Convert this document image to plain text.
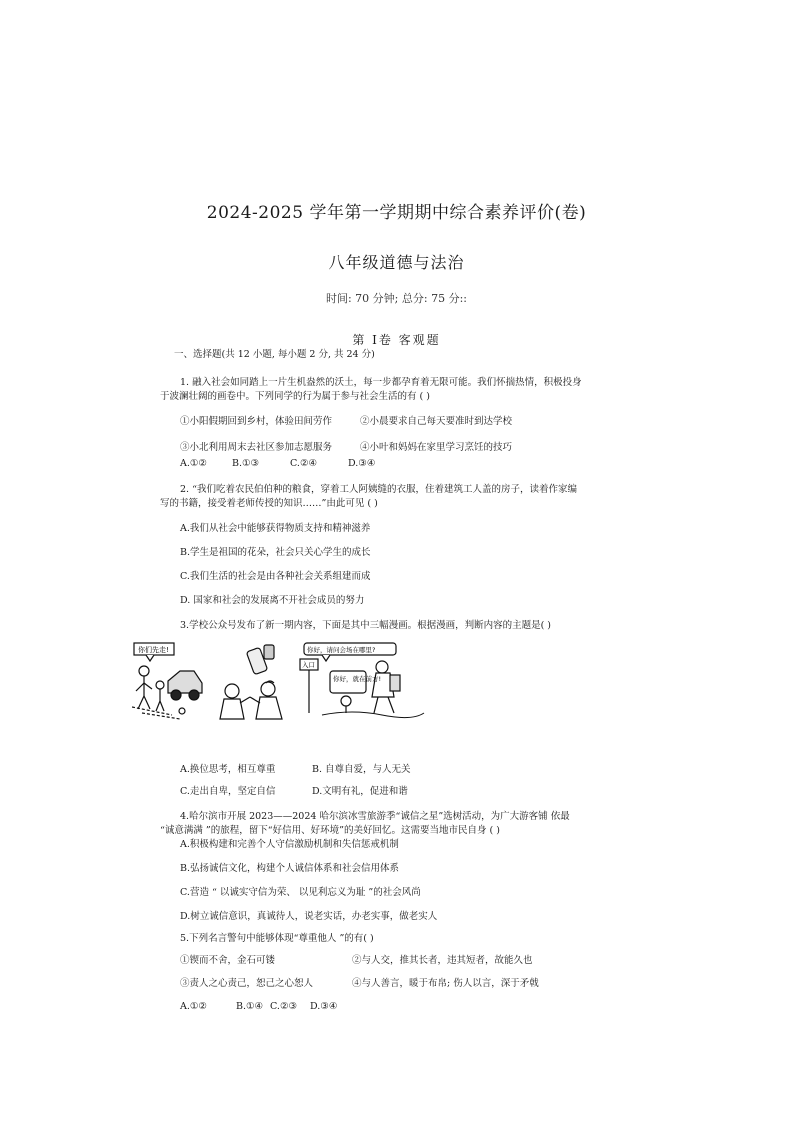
2024-2025 学年第一学期期中综合素养评价(卷)
八年级道德与法治
时间: 70 分钟; 总分: 75 分::
第 Ⅰ卷 客观题

一、选择题(共 12 小题, 每小题 2 分, 共 24 分)

1. 融入社会如同踏上一片生机盎然的沃土，每一步都孕育着无限可能。我们怀揣热情，积极投身

于波澜壮阔的画卷中。下列同学的行为属于参与社会生活的有 ( )

①小阳假期回到乡村，体验田间劳作	②小晨要求自己每天要准时到达学校

③小北利用周末去社区参加志愿服务	④小叶和妈妈在家里学习烹饪的技巧

A.①②	B.①③	C.②④	D.③④

2. “我们吃着农民伯伯种的粮食，穿着工人阿姨缝的衣服，住着建筑工人盖的房子，读着作家编

写的书籍，接受着老师传授的知识……”由此可见 ( )

A.我们从社会中能够获得物质支持和精神滋养

B.学生是祖国的花朵，社会只关心学生的成长

C.我们生活的社会是由各种社会关系组建而成

D. 国家和社会的发展离不开社会成员的努力

3.学校公众号发布了新一期内容，下面是其中三幅漫画。根据漫画，判断内容的主题是( )

你们先走!	你好，请问会场在哪里?
入口
你好，就在前方!

A.换位思考，相互尊重	B. 自尊自爱，与人无关

C.走出自卑，坚定自信	D.文明有礼，促进和谐

4.哈尔滨市开展 2023——2024 哈尔滨冰雪旅游季“诚信之星”选树活动，为广大游客铺 依最

“诚意满满 ”的旅程，留下“好信用、好环境”的美好回忆。这需要当地市民自身 ( )

A.积极构建和完善个人守信激励机制和失信惩戒机制

B.弘扬诚信文化，构建个人诚信体系和社会信用体系

C.营造 “ 以诚实守信为荣、 以见利忘义为耻 ”的社会风尚

D.树立诚信意识，真诚待人，说老实话，办老实事，做老实人

5.下列名言警句中能够体现“尊重他人 ”的有( )

①锲而不舍，金石可镂	②与人交，推其长者，违其短者，故能久也

③责人之心责己，恕己之心恕人	④与人善言，暖于布帛; 伤人以言，深于矛戟

A.①②	B.①④ C.②③ D.③④
